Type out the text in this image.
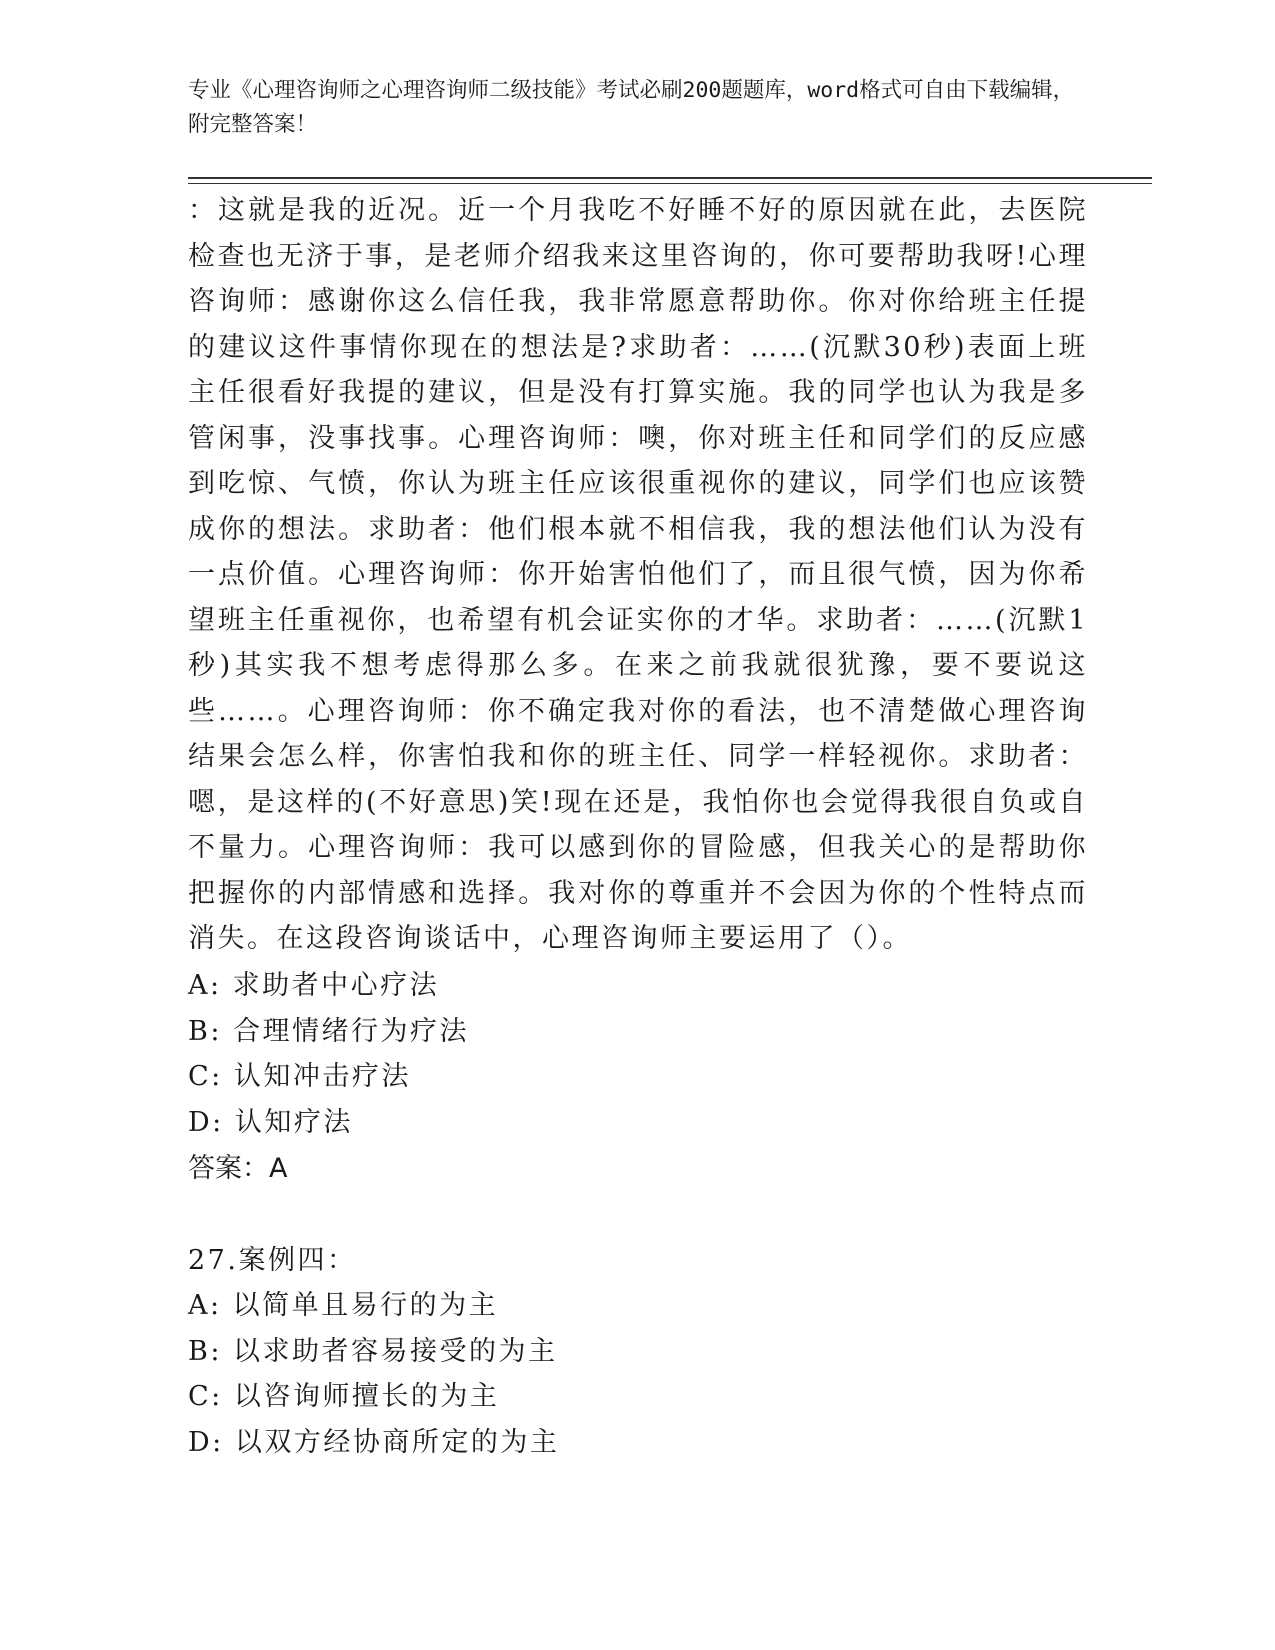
专业《心理咨询师之心理咨询师二级技能》考试必刷200题题库，word格式可自由下载编辑，附完整答案！
：这就是我的近况。近一个月我吃不好睡不好的原因就在此，去医院检查也无济于事，是老师介绍我来这里咨询的，你可要帮助我呀!心理咨询师：感谢你这么信任我，我非常愿意帮助你。你对你给班主任提的建议这件事情你现在的想法是?求助者：……(沉默30秒)表面上班主任很看好我提的建议，但是没有打算实施。我的同学也认为我是多管闲事，没事找事。心理咨询师：噢，你对班主任和同学们的反应感到吃惊、气愤，你认为班主任应该很重视你的建议，同学们也应该赞成你的想法。求助者：他们根本就不相信我，我的想法他们认为没有一点价值。心理咨询师：你开始害怕他们了，而且很气愤，因为你希望班主任重视你，也希望有机会证实你的才华。求助者：……(沉默1秒)其实我不想考虑得那么多。在来之前我就很犹豫，要不要说这些……。心理咨询师：你不确定我对你的看法，也不清楚做心理咨询结果会怎么样，你害怕我和你的班主任、同学一样轻视你。求助者：嗯，是这样的(不好意思)笑!现在还是，我怕你也会觉得我很自负或自不量力。心理咨询师：我可以感到你的冒险感，但我关心的是帮助你把握你的内部情感和选择。我对你的尊重并不会因为你的个性特点而消失。在这段咨询谈话中，心理咨询师主要运用了（）。
A: 求助者中心疗法
B: 合理情绪行为疗法
C: 认知冲击疗法
D: 认知疗法
答案：A
27.案例四：
A: 以简单且易行的为主
B: 以求助者容易接受的为主
C: 以咨询师擅长的为主
D: 以双方经协商所定的为主
